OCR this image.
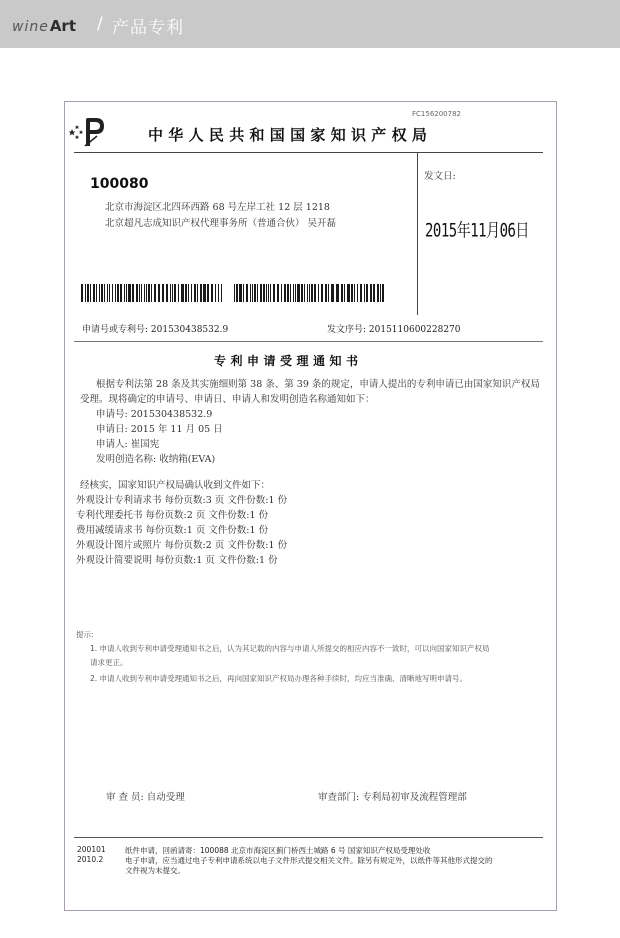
wine Art / 产品专利
FC156200782
中华人民共和国国家知识产权局
100080
北京市海淀区北四环西路 68 号左岸工社 12 层 1218
北京超凡志成知识产权代理事务所（普通合伙） 吴开磊
发文日:
2015年11月06日
申请号或专利号: 201530438532.9	发文序号: 2015110600228270
专利申请受理通知书
根据专利法第 28 条及其实施细则第 38 条、第 39 条的规定，申请人提出的专利申请已由国家知识产权局
受理。现将确定的申请号、申请日、申请人和发明创造名称通知如下：
申请号: 201530438532.9
申请日: 2015 年 11 月 05 日
申请人: 崔国宪
发明创造名称: 收纳箱(EVA)
经核实，国家知识产权局确认收到文件如下：
外观设计专利请求书 每份页数:3 页 文件份数:1 份
专利代理委托书 每份页数:2 页 文件份数:1 份
费用减缓请求书 每份页数:1 页 文件份数:1 份
外观设计图片或照片 每份页数:2 页 文件份数:1 份
外观设计简要说明 每份页数:1 页 文件份数:1 份
提示:
1. 申请人收到专利申请受理通知书之后，认为其记载的内容与申请人所提交的相应内容不一致时，可以向国家知识产权局
请求更正。
2. 申请人收到专利申请受理通知书之后，再向国家知识产权局办理各种手续时，均应当准确、清晰地写明申请号。
审 查 员: 自动受理	审查部门: 专利局初审及流程管理部
200101
2010.2
纸件申请，回函请寄：100088 北京市海淀区蓟门桥西土城路 6 号 国家知识产权局受理处收
电子申请，应当通过电子专利申请系统以电子文件形式提交相关文件。除另有规定外，以纸件等其他形式提交的
文件视为未提交。
